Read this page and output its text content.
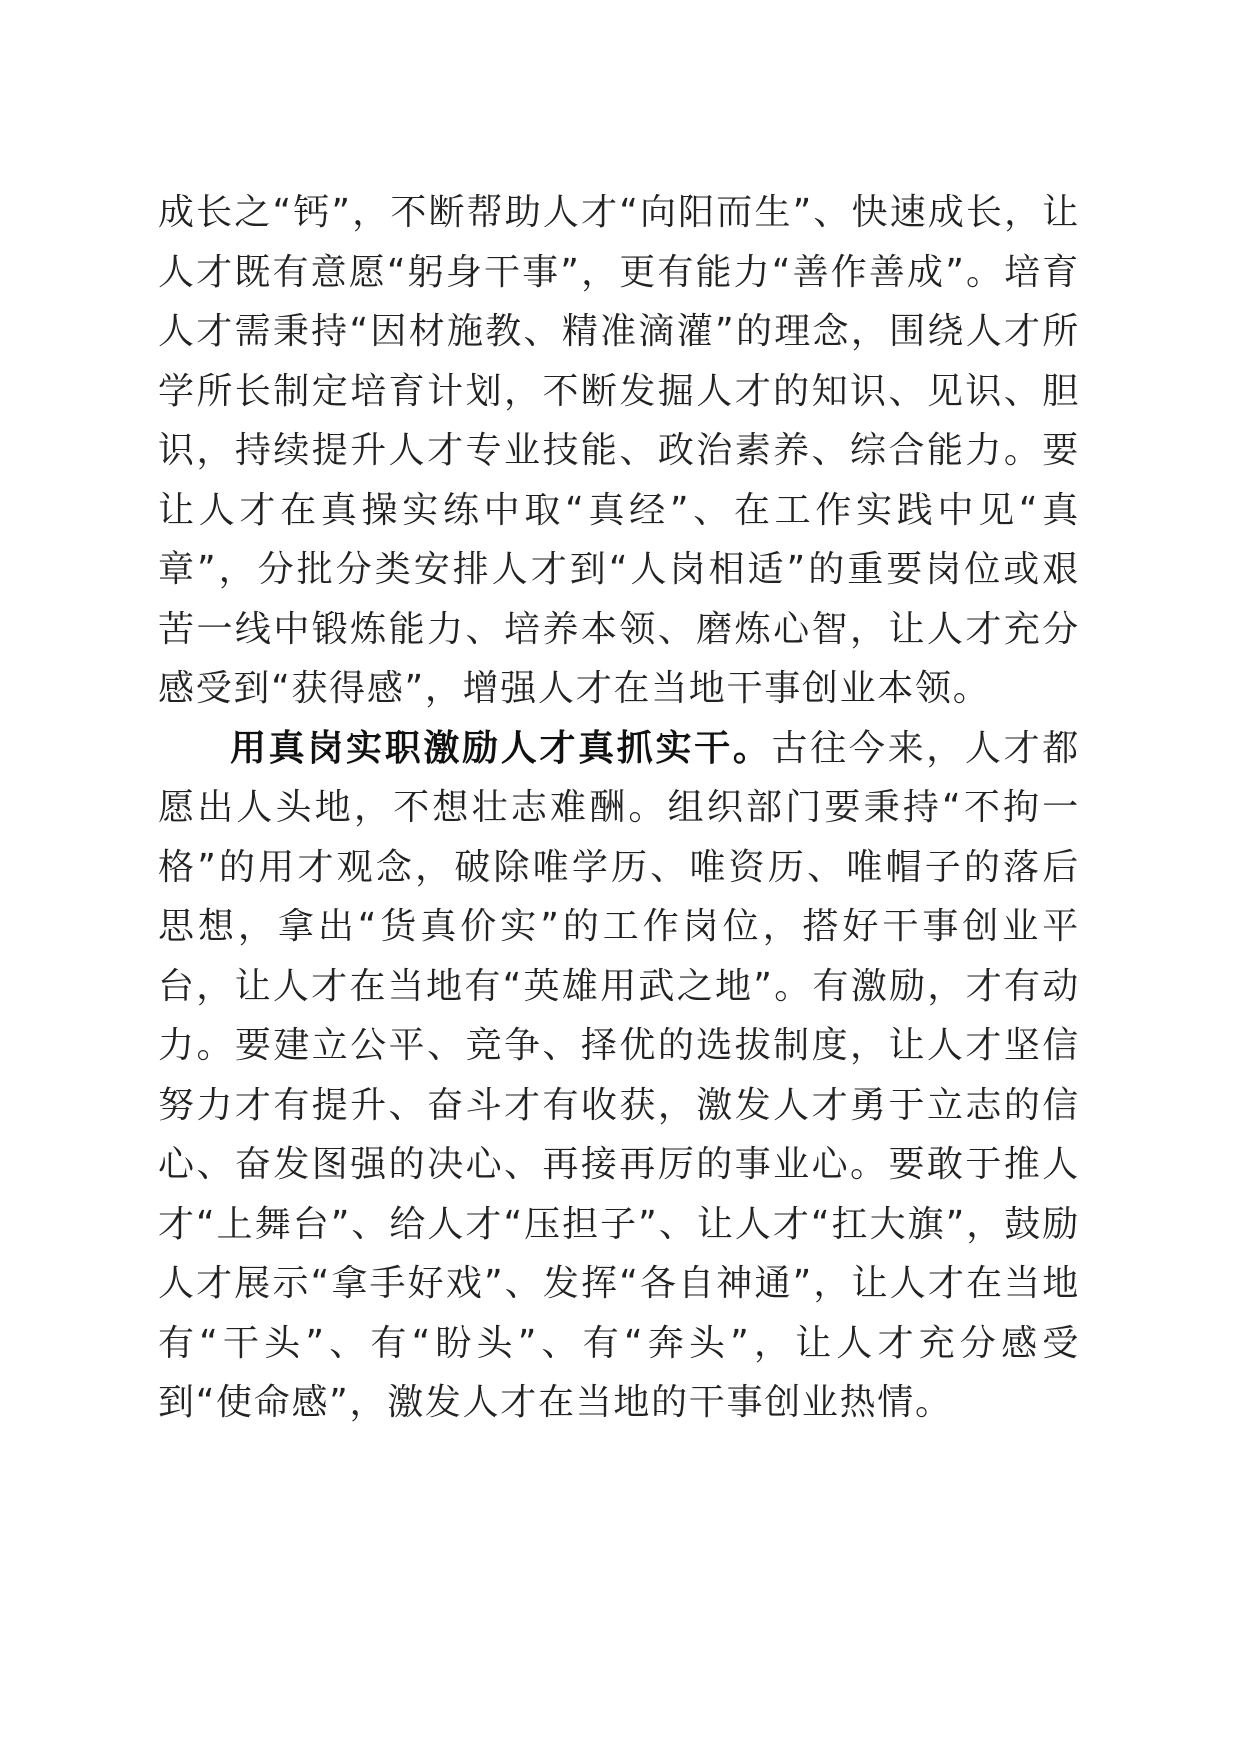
成长之“钙”，不断帮助人才“向阳而生”、快速成长，让人才既有意愿“躬身干事”，更有能力“善作善成”。培育人才需秉持“因材施教、精准滴灌”的理念，围绕人才所学所长制定培育计划，不断发掘人才的知识、见识、胆识，持续提升人才专业技能、政治素养、综合能力。要让人才在真操实练中取“真经”、在工作实践中见“真章”，分批分类安排人才到“人岗相适”的重要岗位或艰苦一线中锻炼能力、培养本领、磨炼心智，让人才充分感受到“获得感”，增强人才在当地干事创业本领。

用真岗实职激励人才真抓实干。古往今来，人才都愿出人头地，不想壮志难酬。组织部门要秉持“不拘一格”的用才观念，破除唯学历、唯资历、唯帽子的落后思想，拿出“货真价实”的工作岗位，搭好干事创业平台，让人才在当地有“英雄用武之地”。有激励，才有动力。要建立公平、竞争、择优的选拔制度，让人才坚信努力才有提升、奋斗才有收获，激发人才勇于立志的信心、奋发图强的决心、再接再厉的事业心。要敢于推人才“上舞台”、给人才“压担子”、让人才“扛大旗”，鼓励人才展示“拿手好戏”、发挥“各自神通”，让人才在当地有“干头”、有“盼头”、有“奔头”，让人才充分感受到“使命感”，激发人才在当地的干事创业热情。
